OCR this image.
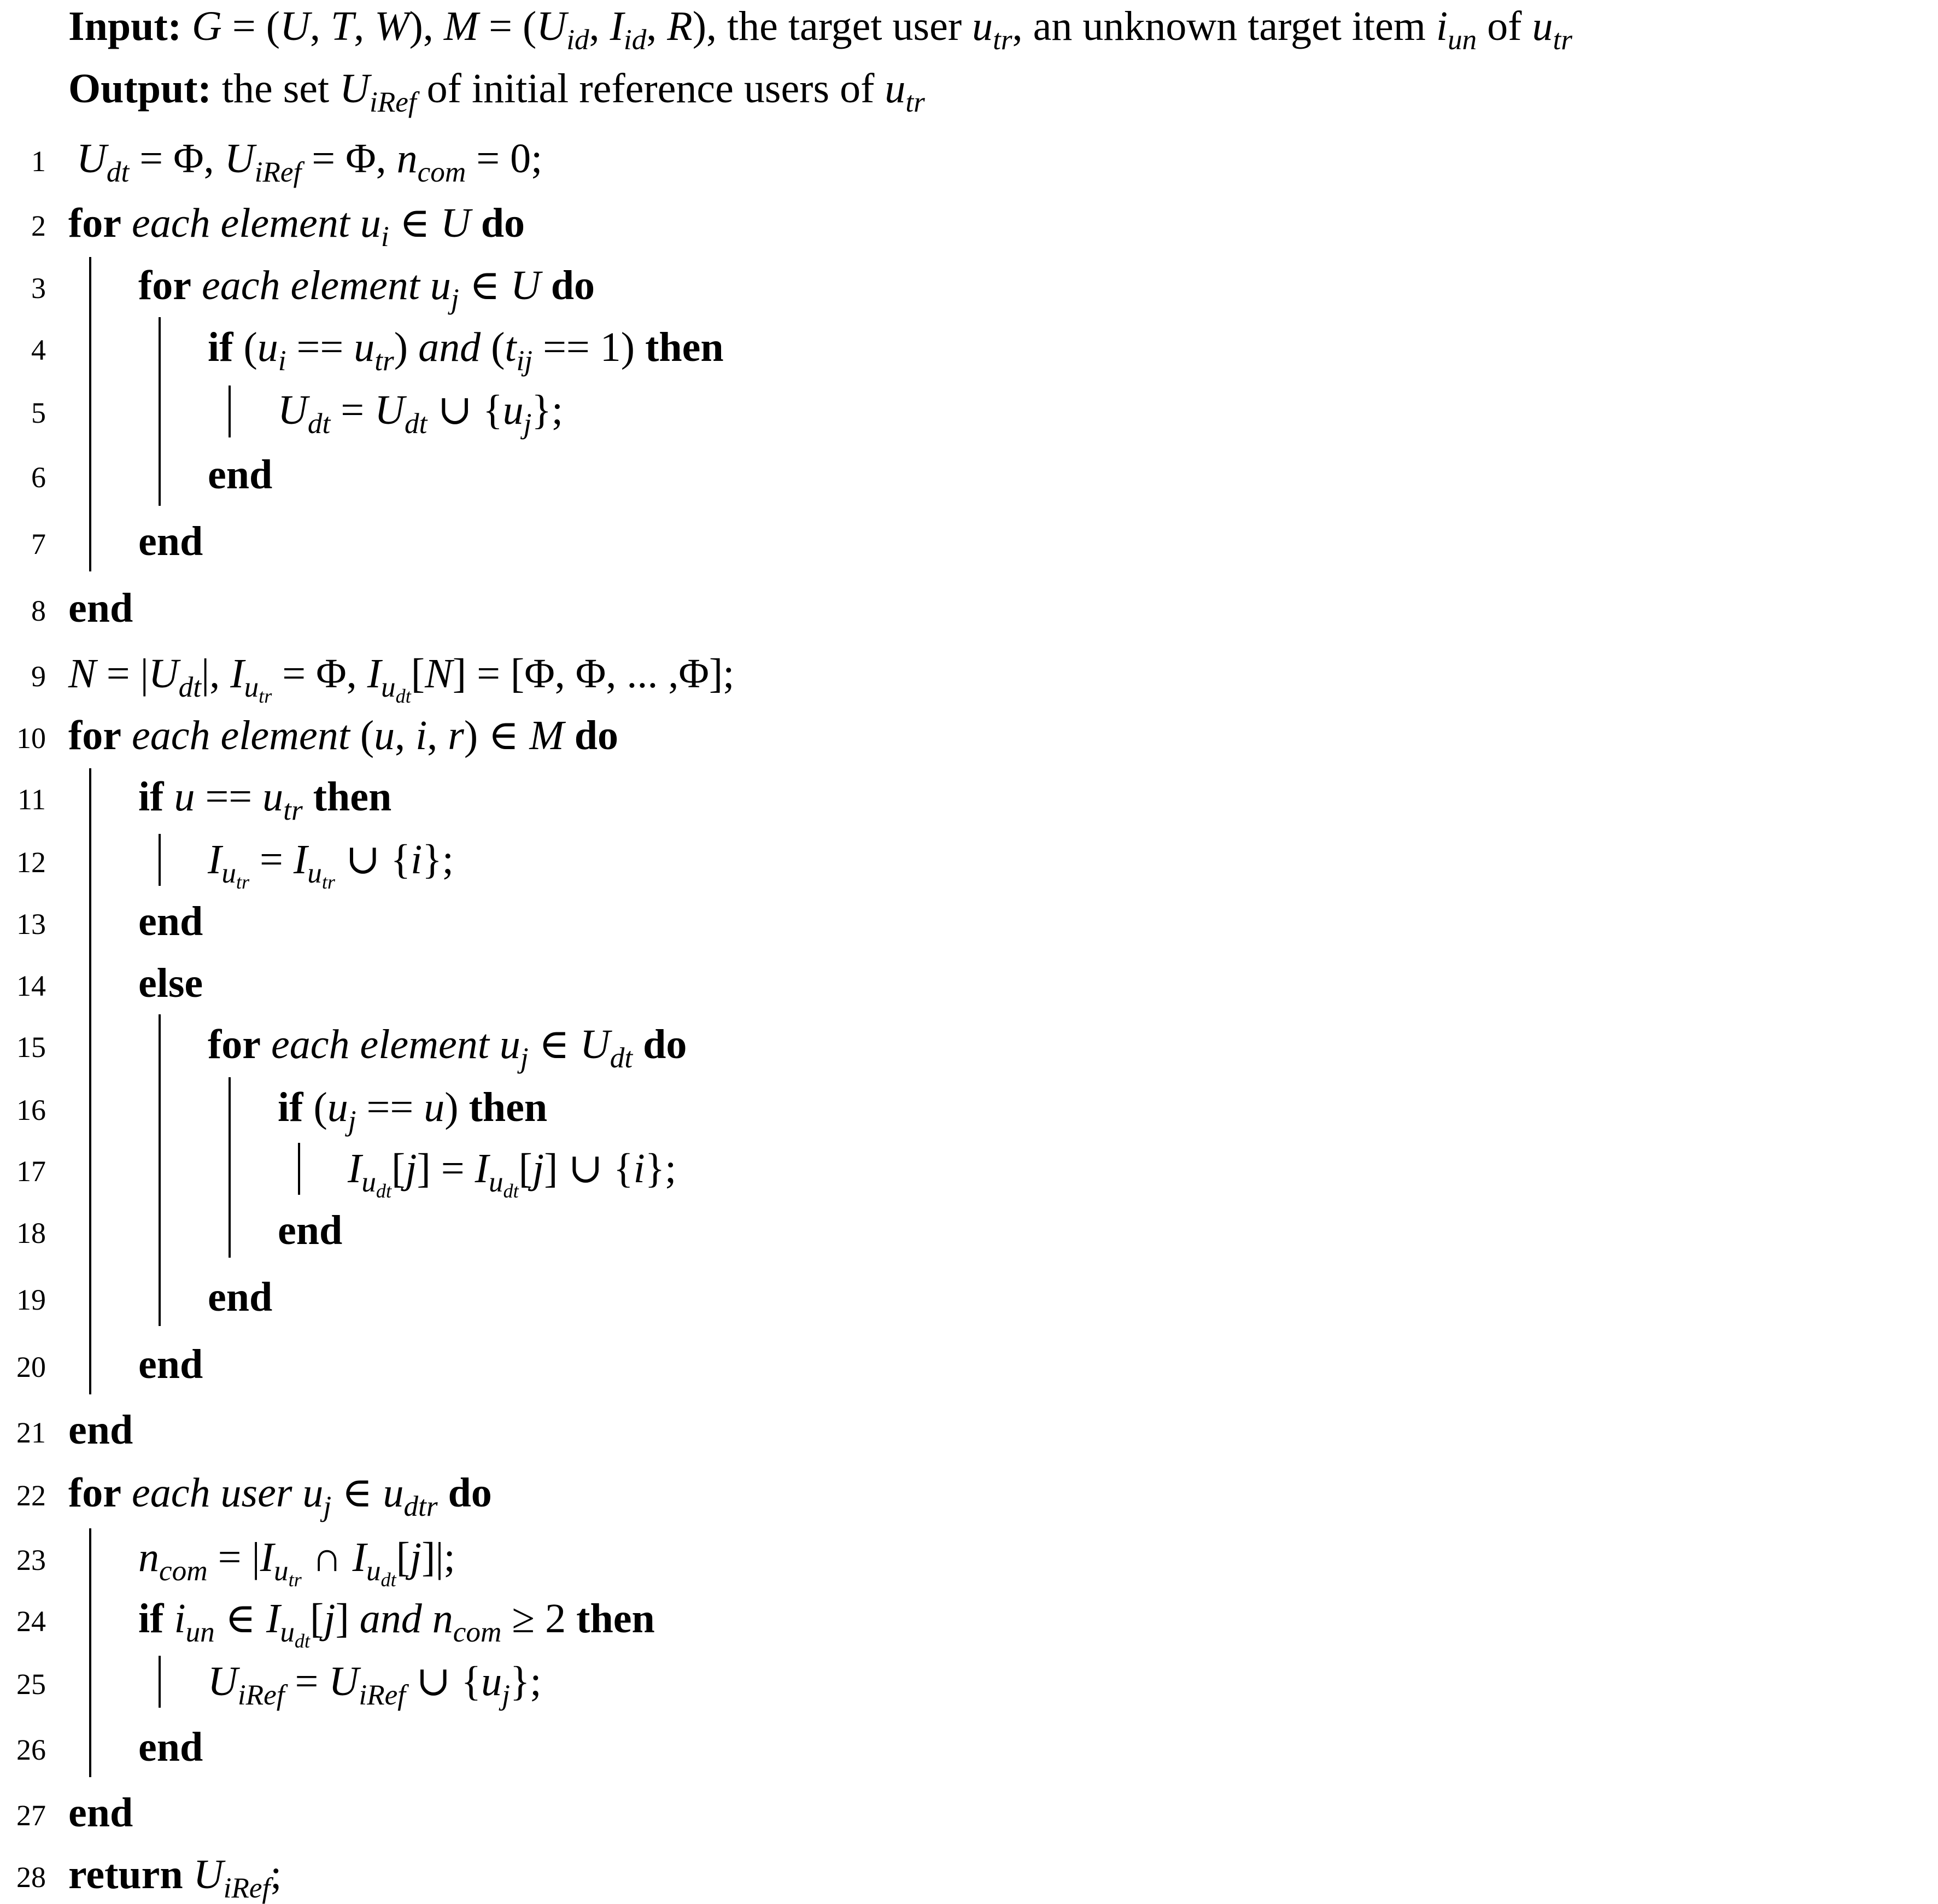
Input: G = (U, T, W), $M = (U_{id}$, $I_{id}$, R), the target user $u_{tr}$, an unknown target item $i_{un}$ of $u_{tr}$
Output: the set $U_{iRef}$ of initial reference users of $u_{tr}$
1 $U_{dt} = \Phi$, $U_{iRef} = \Phi$, $n_{com} = 0$;
2 for each element $u_i$ ∈ U do
3 for each element $u_j$ ∈ U do
4	if $(u_i == u_{tr})$ and $(t_{ij} == 1)$ then
5	$U_{dt} = U_{dt}$ ∪ $\{u_j\}$;
6	end
7 end
8 end
9 $N = |U_{dt}|$, $I_{u_{tr}} = \Phi$, $I_{u_{dt}}[N] = [\Phi$, Φ, ... ,Φ];
10 for each element (u, i, r) ∈ M do
11 if $u == u_{tr}$ then
12	$I_{u_{tr}} = I_{u_{tr}}$ ∪ {i};
13 end
14 else
15	for each element $u_j$ ∈ $U_{dt}$ do
16	if $(u_j == u)$ then
17	$I_{u_{dt}}[j] = I_{u_{dt}}[j]$ ∪ {i};
18	end
19	end
20 end
21 end
22 for each user $u_j$ ∈ $u_{dtr}$ do
23 $n_{com} = |I_{u_{tr}}$ ∩ $I_{u_{dt}}[j]|$;
24 if $i_{un}$ ∈ $I_{u_{dt}}[j]$ and $n_{com} \ge 2$ then
25	$U_{iRef} = U_{iRef}$ ∪ $\{u_j\}$;
26 end
27 end
28 return $U_{iRef}$;
